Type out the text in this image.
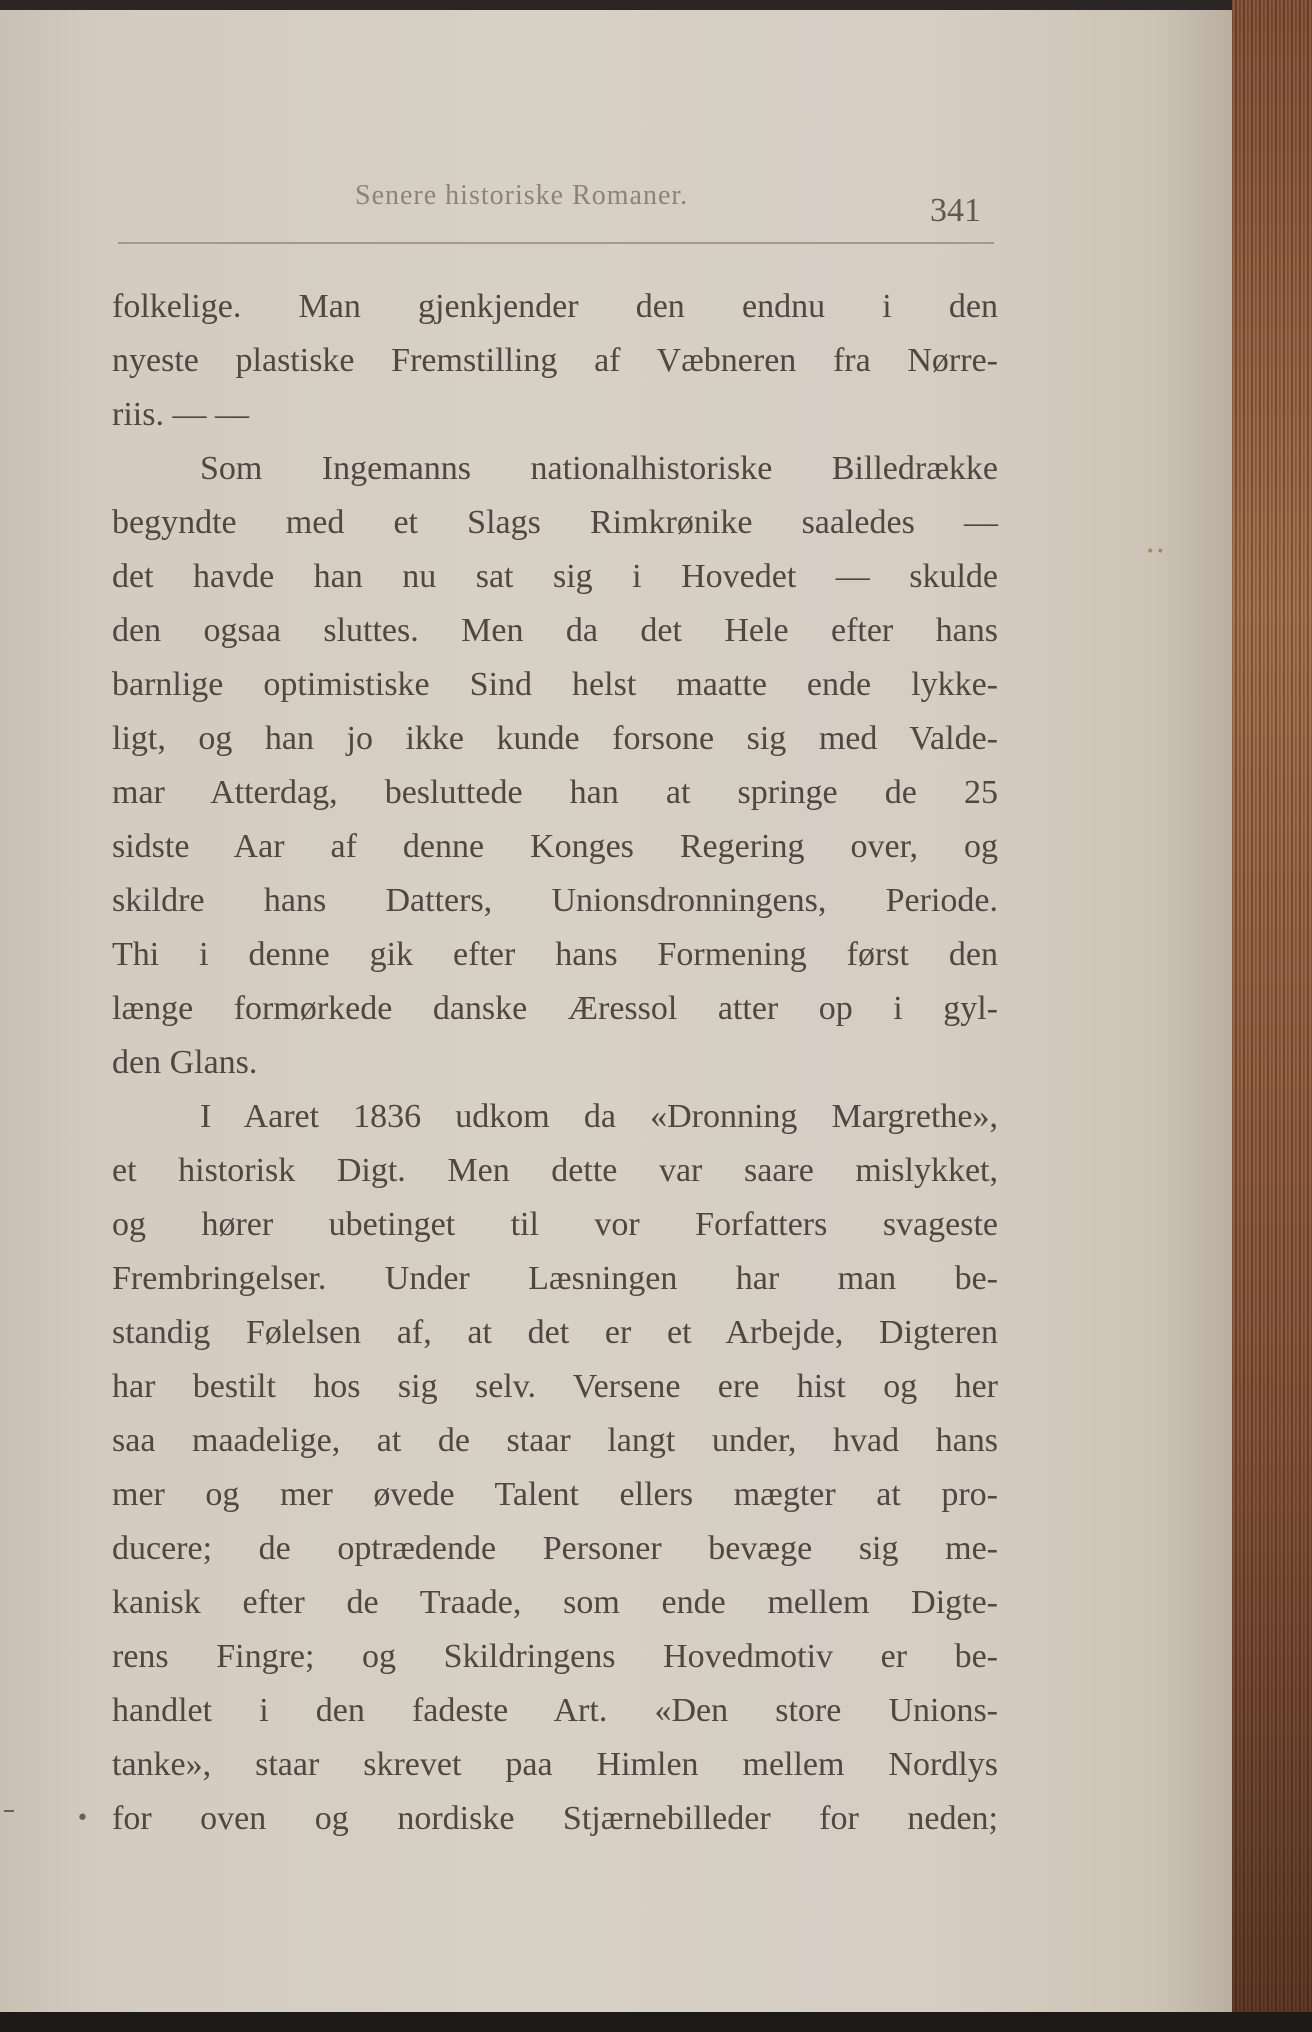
Senere historiske Romaner.	341
folkelige. Man gjenkjender den endnu i den
nyeste plastiske Fremstilling af Væbneren fra Nørre-
riis. — —
Som Ingemanns nationalhistoriske Billedrække
begyndte med et Slags Rimkrønike saaledes —
det havde han nu sat sig i Hovedet — skulde
den ogsaa sluttes. Men da det Hele efter hans
barnlige optimistiske Sind helst maatte ende lykke-
ligt, og han jo ikke kunde forsone sig med Valde-
mar Atterdag, besluttede han at springe de 25
sidste Aar af denne Konges Regering over, og
skildre hans Datters, Unionsdronningens, Periode.
Thi i denne gik efter hans Formening først den
længe formørkede danske Æressol atter op i gyl-
den Glans.
I Aaret 1836 udkom da «Dronning Margrethe»,
et historisk Digt. Men dette var saare mislykket,
og hører ubetinget til vor Forfatters svageste
Frembringelser. Under Læsningen har man be-
standig Følelsen af, at det er et Arbejde, Digteren
har bestilt hos sig selv. Versene ere hist og her
saa maadelige, at de staar langt under, hvad hans
mer og mer øvede Talent ellers mægter at pro-
ducere; de optrædende Personer bevæge sig me-
kanisk efter de Traade, som ende mellem Digte-
rens Fingre; og Skildringens Hovedmotiv er be-
handlet i den fadeste Art. «Den store Unions-
tanke», staar skrevet paa Himlen mellem Nordlys
for oven og nordiske Stjærnebilleder for neden;
••
•
